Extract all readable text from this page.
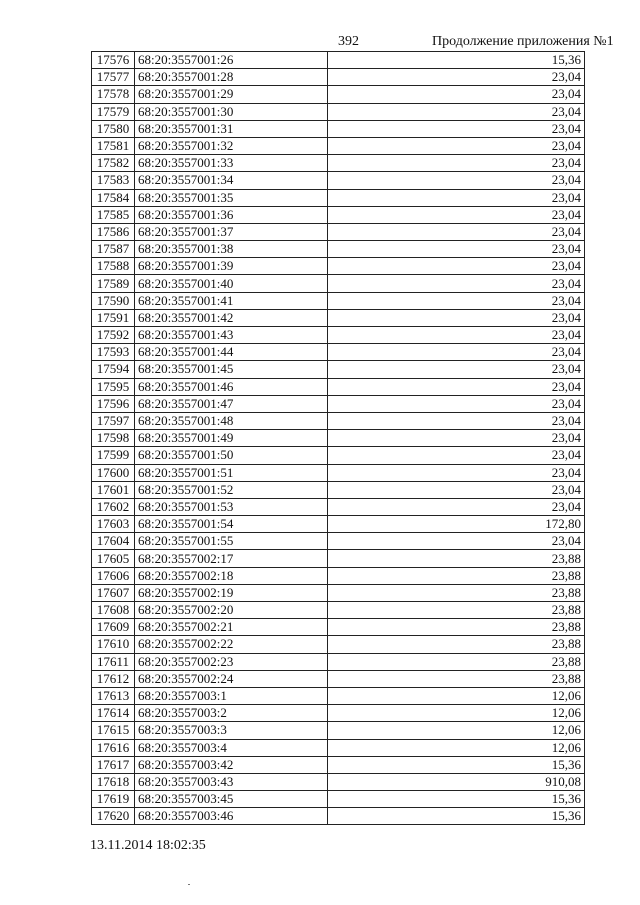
392	Продолжение приложения №1
17576	68:20:3557001:26	15,36
17577	68:20:3557001:28	23,04
17578	68:20:3557001:29	23,04
17579	68:20:3557001:30	23,04
17580	68:20:3557001:31	23,04
17581	68:20:3557001:32	23,04
17582	68:20:3557001:33	23,04
17583	68:20:3557001:34	23,04
17584	68:20:3557001:35	23,04
17585	68:20:3557001:36	23,04
17586	68:20:3557001:37	23,04
17587	68:20:3557001:38	23,04
17588	68:20:3557001:39	23,04
17589	68:20:3557001:40	23,04
17590	68:20:3557001:41	23,04
17591	68:20:3557001:42	23,04
17592	68:20:3557001:43	23,04
17593	68:20:3557001:44	23,04
17594	68:20:3557001:45	23,04
17595	68:20:3557001:46	23,04
17596	68:20:3557001:47	23,04
17597	68:20:3557001:48	23,04
17598	68:20:3557001:49	23,04
17599	68:20:3557001:50	23,04
17600	68:20:3557001:51	23,04
17601	68:20:3557001:52	23,04
17602	68:20:3557001:53	23,04
17603	68:20:3557001:54	172,80
17604	68:20:3557001:55	23,04
17605	68:20:3557002:17	23,88
17606	68:20:3557002:18	23,88
17607	68:20:3557002:19	23,88
17608	68:20:3557002:20	23,88
17609	68:20:3557002:21	23,88
17610	68:20:3557002:22	23,88
17611	68:20:3557002:23	23,88
17612	68:20:3557002:24	23,88
17613	68:20:3557003:1	12,06
17614	68:20:3557003:2	12,06
17615	68:20:3557003:3	12,06
17616	68:20:3557003:4	12,06
17617	68:20:3557003:42	15,36
17618	68:20:3557003:43	910,08
17619	68:20:3557003:45	15,36
17620	68:20:3557003:46	15,36
13.11.2014 18:02:35
